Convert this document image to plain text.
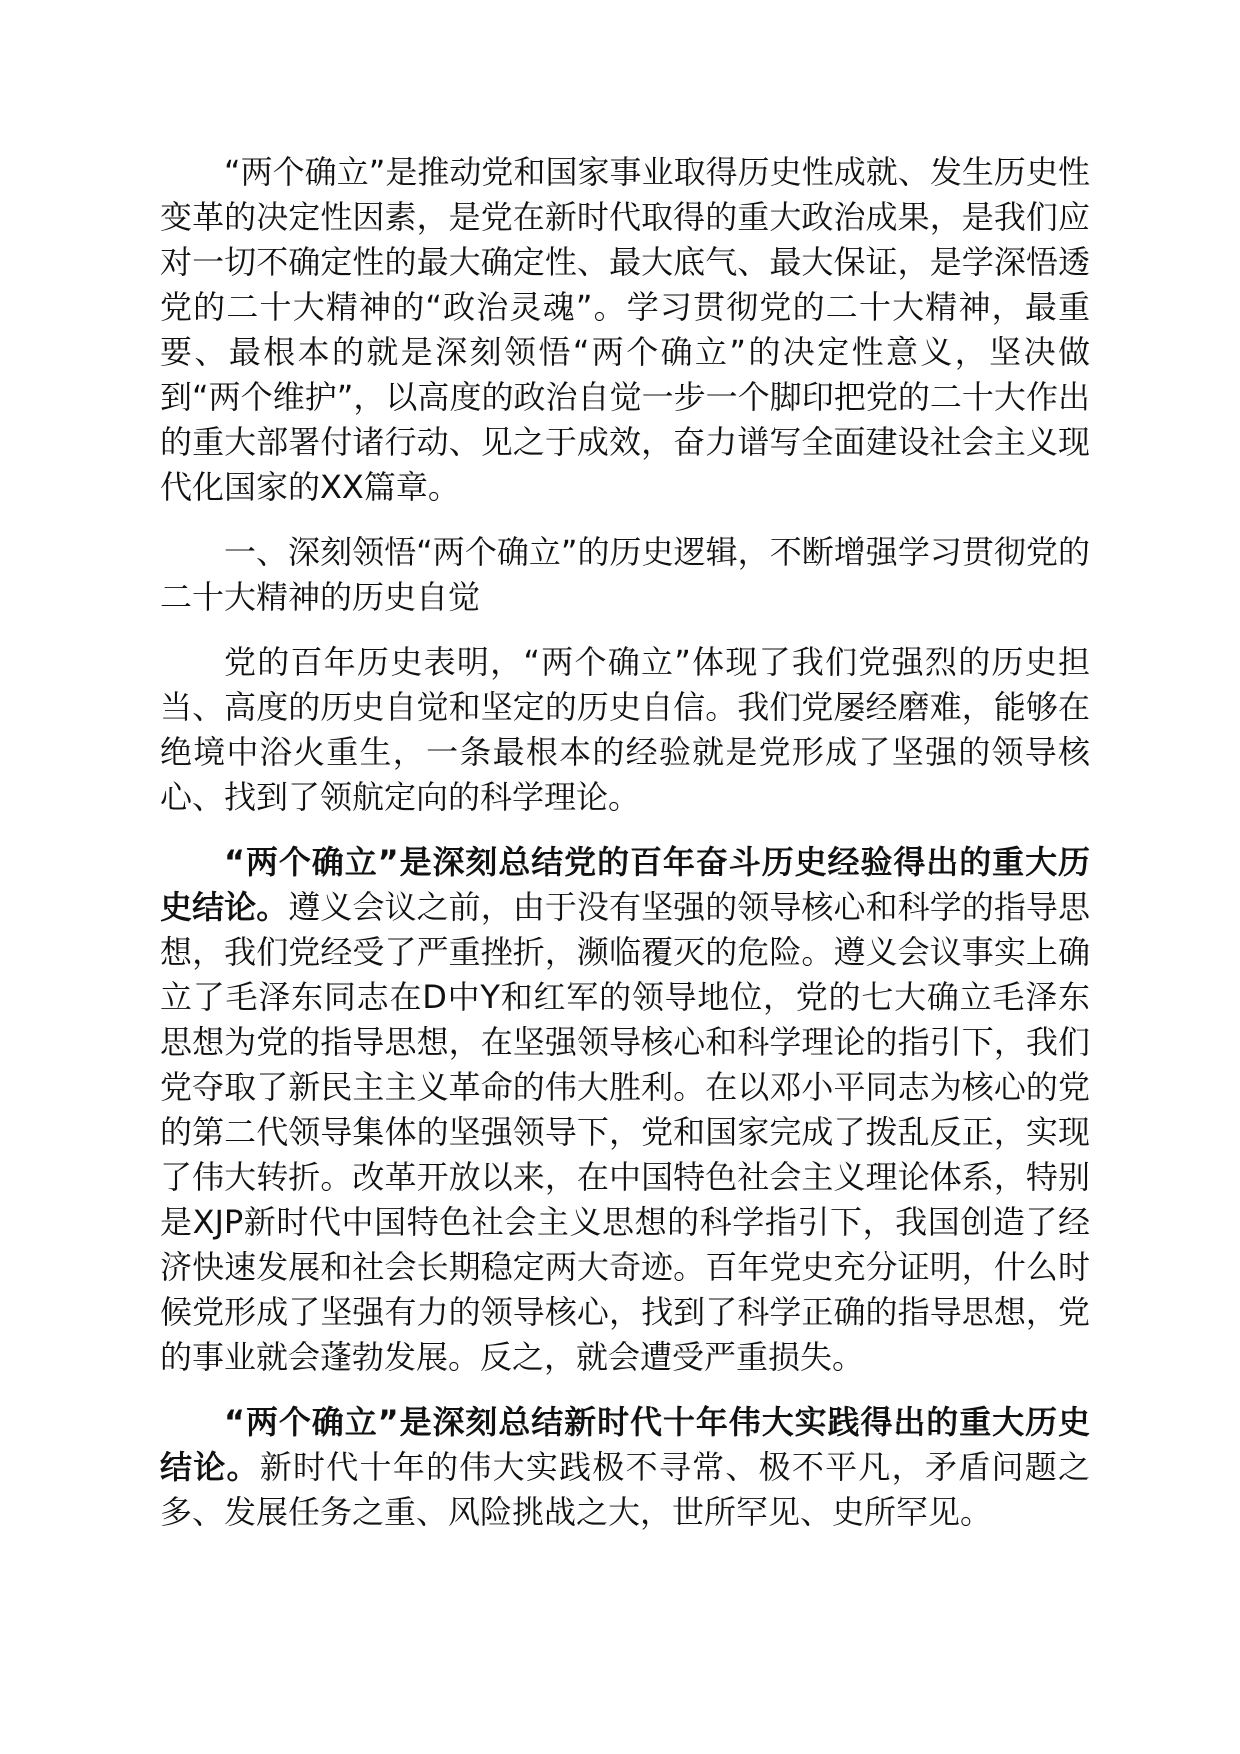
“两个确立”是推动党和国家事业取得历史性成就、发生历史性变革的决定性因素，是党在新时代取得的重大政治成果，是我们应对一切不确定性的最大确定性、最大底气、最大保证，是学深悟透党的二十大精神的“政治灵魂”。学习贯彻党的二十大精神，最重要、最根本的就是深刻领悟“两个确立”的决定性意义，坚决做到“两个维护”，以高度的政治自觉一步一个脚印把党的二十大作出的重大部署付诸行动、见之于成效，奋力谱写全面建设社会主义现代化国家的XX篇章。

一、深刻领悟“两个确立”的历史逻辑，不断增强学习贯彻党的二十大精神的历史自觉

党的百年历史表明，“两个确立”体现了我们党强烈的历史担当、高度的历史自觉和坚定的历史自信。我们党屡经磨难，能够在绝境中浴火重生，一条最根本的经验就是党形成了坚强的领导核心、找到了领航定向的科学理论。

“两个确立”是深刻总结党的百年奋斗历史经验得出的重大历史结论。遵义会议之前，由于没有坚强的领导核心和科学的指导思想，我们党经受了严重挫折，濒临覆灭的危险。遵义会议事实上确立了毛泽东同志在D中Y和红军的领导地位，党的七大确立毛泽东思想为党的指导思想，在坚强领导核心和科学理论的指引下，我们党夺取了新民主主义革命的伟大胜利。在以邓小平同志为核心的党的第二代领导集体的坚强领导下，党和国家完成了拨乱反正，实现了伟大转折。改革开放以来，在中国特色社会主义理论体系，特别是XJP新时代中国特色社会主义思想的科学指引下，我国创造了经济快速发展和社会长期稳定两大奇迹。百年党史充分证明，什么时候党形成了坚强有力的领导核心，找到了科学正确的指导思想，党的事业就会蓬勃发展。反之，就会遭受严重损失。

“两个确立”是深刻总结新时代十年伟大实践得出的重大历史结论。新时代十年的伟大实践极不寻常、极不平凡，矛盾问题之多、发展任务之重、风险挑战之大，世所罕见、史所罕见。
